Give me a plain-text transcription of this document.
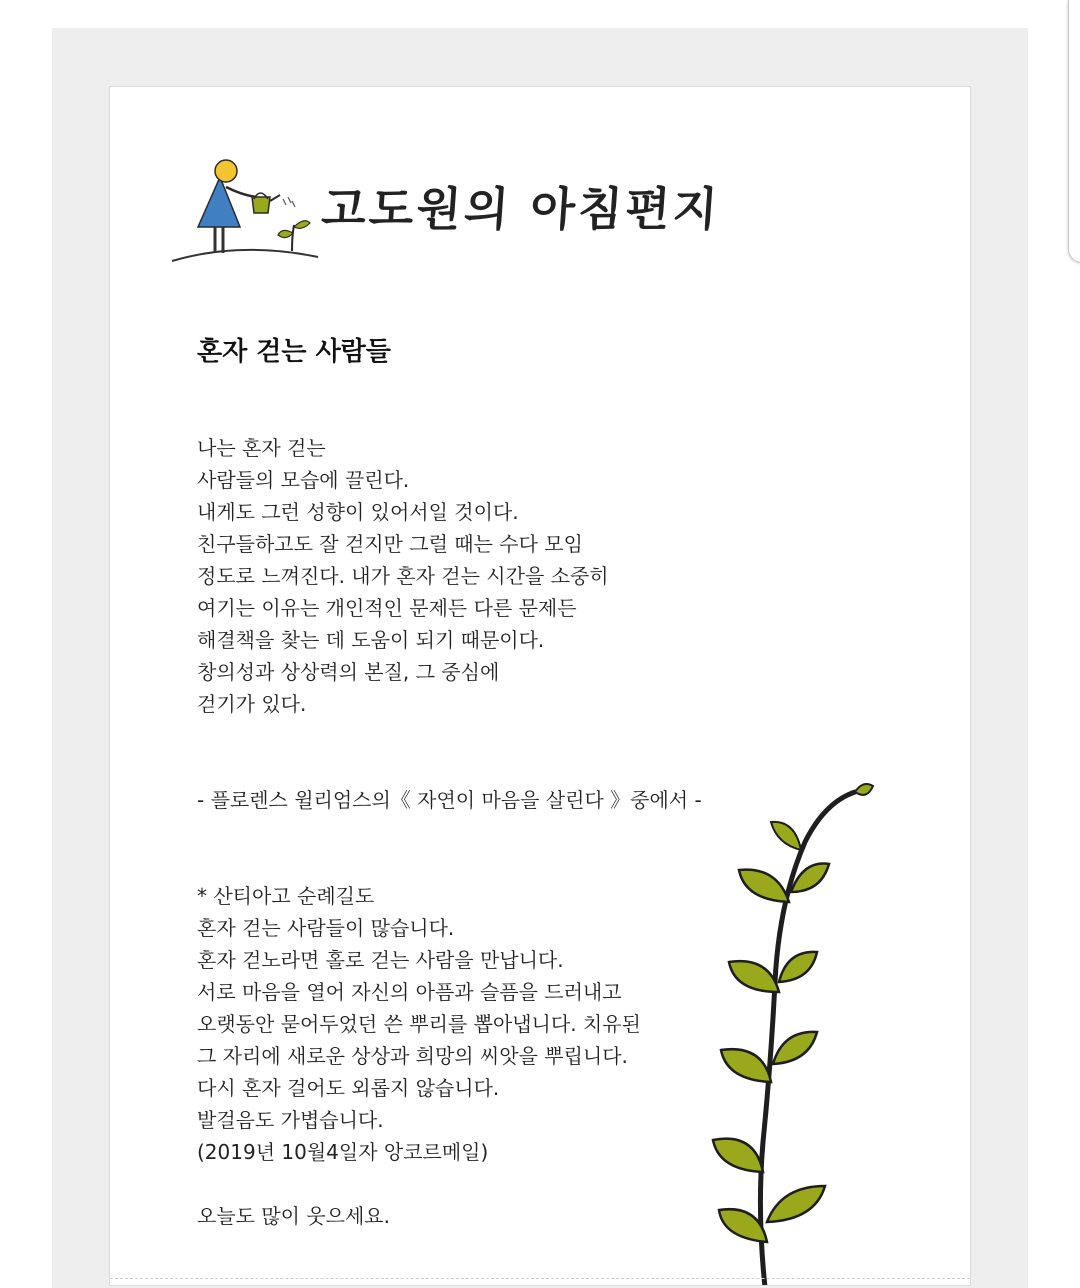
고도원의 아침편지
혼자 걷는 사람들
나는 혼자 걷는
사람들의 모습에 끌린다.
내게도 그런 성향이 있어서일 것이다.
친구들하고도 잘 걷지만 그럴 때는 수다 모임
정도로 느껴진다. 내가 혼자 걷는 시간을 소중히
여기는 이유는 개인적인 문제든 다른 문제든
해결책을 찾는 데 도움이 되기 때문이다.
창의성과 상상력의 본질, 그 중심에
걷기가 있다.
- 플로렌스 윌리엄스의《 자연이 마음을 살린다 》중에서 -
* 산티아고 순례길도
혼자 걷는 사람들이 많습니다.
혼자 걷노라면 홀로 걷는 사람을 만납니다.
서로 마음을 열어 자신의 아픔과 슬픔을 드러내고
오랫동안 묻어두었던 쓴 뿌리를 뽑아냅니다. 치유된
그 자리에 새로운 상상과 희망의 씨앗을 뿌립니다.
다시 혼자 걸어도 외롭지 않습니다.
발걸음도 가볍습니다.
(2019년 10월4일자 앙코르메일)
오늘도 많이 웃으세요.
